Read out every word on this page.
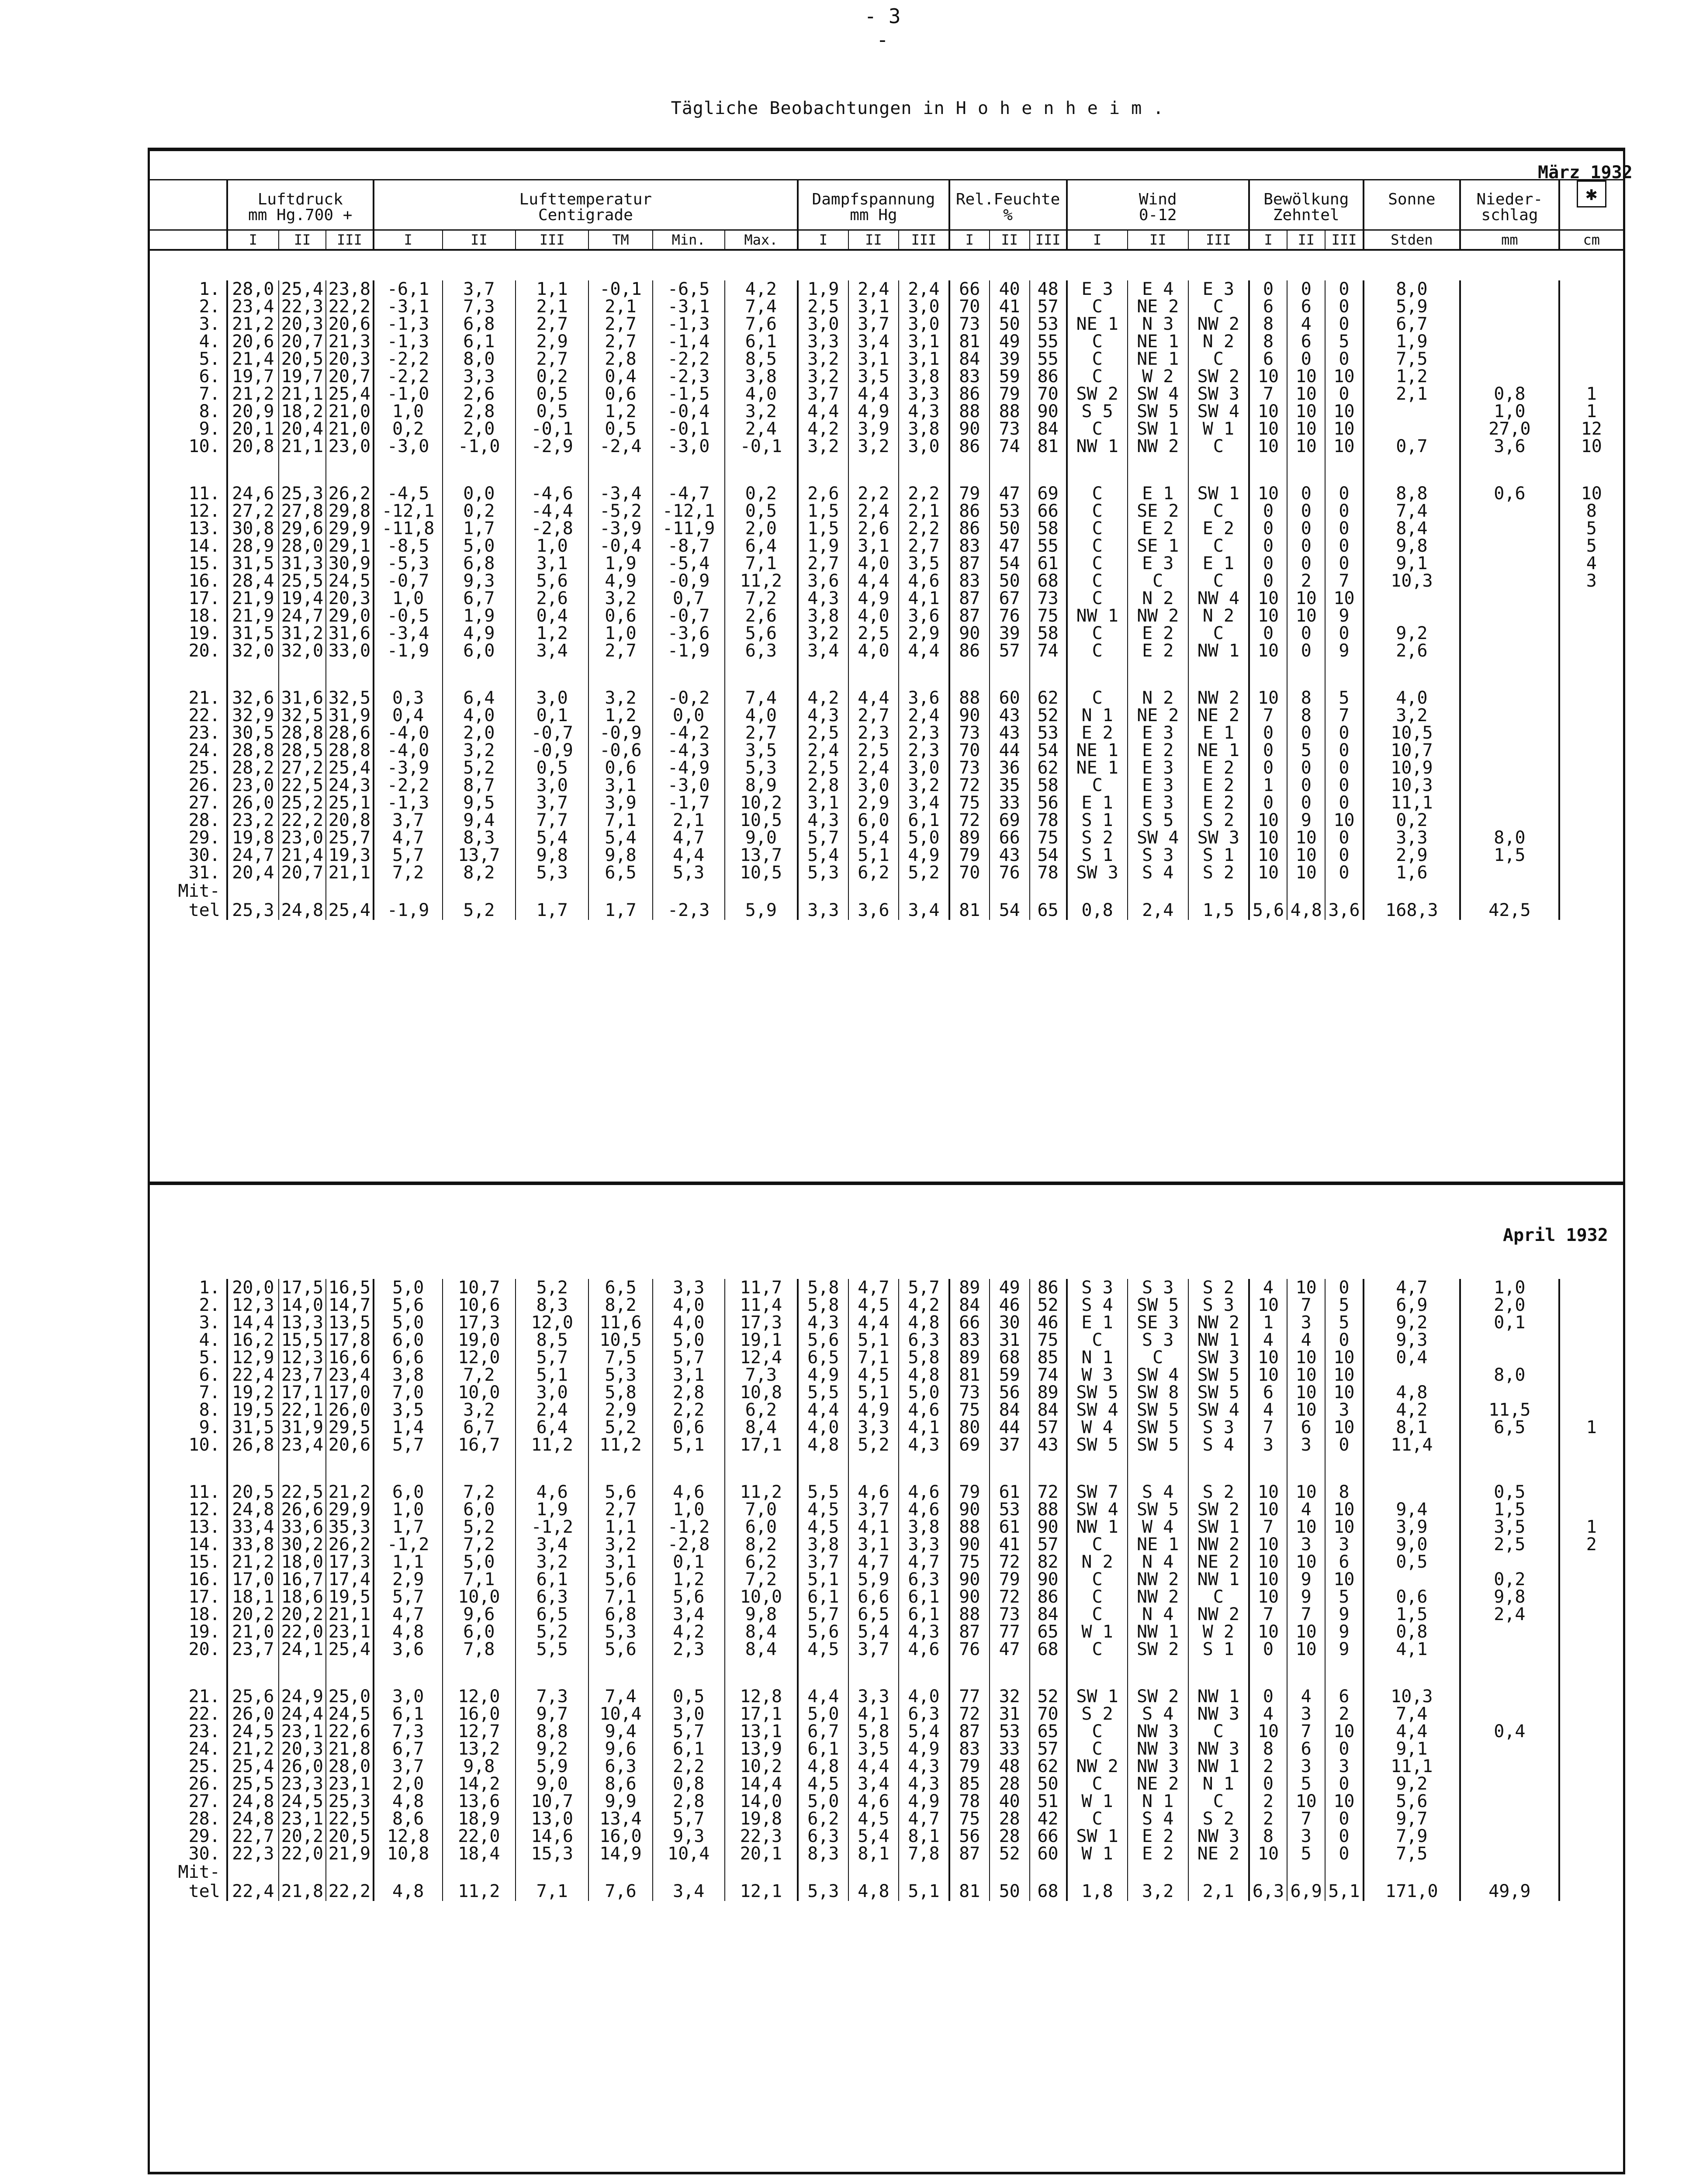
- 3 -
Tägliche Beobachtungen in H o h e n h e i m .
März 1932
April 1932
	Luftdruck			Lufttemperatur						Dampfspannung			Rel.Feuchte			Wind			Bewölkung			Sonne	Nieder-	✱
	mm Hg.700 +			Centigrade						mm Hg			%			0-12			Zehntel				schlag	
	I	II	III	I	II	III	TM	Min.	Max.	I	II	III	I	II	III	I	II	III	I	II	III	Stden	mm	cm

1.	28,0	25,4	23,8	-6,1	3,7	1,1	-0,1	-6,5	4,2	1,9	2,4	2,4	66	40	48	E 3	E 4	E 3	0	0	0	8,0		
2.	23,4	22,3	22,2	-3,1	7,3	2,1	2,1	-3,1	7,4	2,5	3,1	3,0	70	41	57	C	NE 2	C	6	6	0	5,9		
3.	21,2	20,3	20,6	-1,3	6,8	2,7	2,7	-1,3	7,6	3,0	3,7	3,0	73	50	53	NE 1	N 3	NW 2	8	4	0	6,7		
4.	20,6	20,7	21,3	-1,3	6,1	2,9	2,7	-1,4	6,1	3,3	3,4	3,1	81	49	55	C	NE 1	N 2	8	6	5	1,9		
5.	21,4	20,5	20,3	-2,2	8,0	2,7	2,8	-2,2	8,5	3,2	3,1	3,1	84	39	55	C	NE 1	C	6	0	0	7,5		
6.	19,7	19,7	20,7	-2,2	3,3	0,2	0,4	-2,3	3,8	3,2	3,5	3,8	83	59	86	C	W 2	SW 2	10	10	10	1,2		
7.	21,2	21,1	25,4	-1,0	2,6	0,5	0,6	-1,5	4,0	3,7	4,4	3,3	86	79	70	SW 2	SW 4	SW 3	7	10	0	2,1	0,8	1
8.	20,9	18,2	21,0	1,0	2,8	0,5	1,2	-0,4	3,2	4,4	4,9	4,3	88	88	90	S 5	SW 5	SW 4	10	10	10		1,0	1
9.	20,1	20,4	21,0	0,2	2,0	-0,1	0,5	-0,1	2,4	4,2	3,9	3,8	90	73	84	C	SW 1	W 1	10	10	10		27,0	12
10.	20,8	21,1	23,0	-3,0	-1,0	-2,9	-2,4	-3,0	-0,1	3,2	3,2	3,0	86	74	81	NW 1	NW 2	C	10	10	10	0,7	3,6	10

11.	24,6	25,3	26,2	-4,5	0,0	-4,6	-3,4	-4,7	0,2	2,6	2,2	2,2	79	47	69	C	E 1	SW 1	10	0	0	8,8	0,6	10
12.	27,2	27,8	29,8	-12,1	0,2	-4,4	-5,2	-12,1	0,5	1,5	2,4	2,1	86	53	66	C	SE 2	C	0	0	0	7,4		8
13.	30,8	29,6	29,9	-11,8	1,7	-2,8	-3,9	-11,9	2,0	1,5	2,6	2,2	86	50	58	C	E 2	E 2	0	0	0	8,4		5
14.	28,9	28,0	29,1	-8,5	5,0	1,0	-0,4	-8,7	6,4	1,9	3,1	2,7	83	47	55	C	SE 1	C	0	0	0	9,8		5
15.	31,5	31,3	30,9	-5,3	6,8	3,1	1,9	-5,4	7,1	2,7	4,0	3,5	87	54	61	C	E 3	E 1	0	0	0	9,1		4
16.	28,4	25,5	24,5	-0,7	9,3	5,6	4,9	-0,9	11,2	3,6	4,4	4,6	83	50	68	C	C	C	0	2	7	10,3		3
17.	21,9	19,4	20,3	1,0	6,7	2,6	3,2	0,7	7,2	4,3	4,9	4,1	87	67	73	C	N 2	NW 4	10	10	10			
18.	21,9	24,7	29,0	-0,5	1,9	0,4	0,6	-0,7	2,6	3,8	4,0	3,6	87	76	75	NW 1	NW 2	N 2	10	10	9			
19.	31,5	31,2	31,6	-3,4	4,9	1,2	1,0	-3,6	5,6	3,2	2,5	2,9	90	39	58	C	E 2	C	0	0	0	9,2		
20.	32,0	32,0	33,0	-1,9	6,0	3,4	2,7	-1,9	6,3	3,4	4,0	4,4	86	57	74	C	E 2	NW 1	10	0	9	2,6		

21.	32,6	31,6	32,5	0,3	6,4	3,0	3,2	-0,2	7,4	4,2	4,4	3,6	88	60	62	C	N 2	NW 2	10	8	5	4,0		
22.	32,9	32,5	31,9	0,4	4,0	0,1	1,2	0,0	4,0	4,3	2,7	2,4	90	43	52	N 1	NE 2	NE 2	7	8	7	3,2		
23.	30,5	28,8	28,6	-4,0	2,0	-0,7	-0,9	-4,2	2,7	2,5	2,3	2,3	73	43	53	E 2	E 3	E 1	0	0	0	10,5		
24.	28,8	28,5	28,8	-4,0	3,2	-0,9	-0,6	-4,3	3,5	2,4	2,5	2,3	70	44	54	NE 1	E 2	NE 1	0	5	0	10,7		
25.	28,2	27,2	25,4	-3,9	5,2	0,5	0,6	-4,9	5,3	2,5	2,4	3,0	73	36	62	NE 1	E 3	E 2	0	0	0	10,9		
26.	23,0	22,5	24,3	-2,2	8,7	3,0	3,1	-3,0	8,9	2,8	3,0	3,2	72	35	58	C	E 3	E 2	1	0	0	10,3		
27.	26,0	25,2	25,1	-1,3	9,5	3,7	3,9	-1,7	10,2	3,1	2,9	3,4	75	33	56	E 1	E 3	E 2	0	0	0	11,1		
28.	23,2	22,2	20,8	3,7	9,4	7,7	7,1	2,1	10,5	4,3	6,0	6,1	72	69	78	S 1	S 5	S 2	10	9	10	0,2		
29.	19,8	23,0	25,7	4,7	8,3	5,4	5,4	4,7	9,0	5,7	5,4	5,0	89	66	75	S 2	SW 4	SW 3	10	10	0	3,3	8,0	
30.	24,7	21,4	19,3	5,7	13,7	9,8	9,8	4,4	13,7	5,4	5,1	4,9	79	43	54	S 1	S 3	S 1	10	10	0	2,9	1,5	
31.	20,4	20,7	21,1	7,2	8,2	5,3	6,5	5,3	10,5	5,3	6,2	5,2	70	76	78	SW 3	S 4	S 2	10	10	0	1,6		
Mit-																								
tel	25,3	24,8	25,4	-1,9	5,2	1,7	1,7	-2,3	5,9	3,3	3,6	3,4	81	54	65	0,8	2,4	1,5	5,6	4,8	3,6	168,3	42,5	

1.	20,0	17,5	16,5	5,0	10,7	5,2	6,5	3,3	11,7	5,8	4,7	5,7	89	49	86	S 3	S 3	S 2	4	10	0	4,7	1,0	
2.	12,3	14,0	14,7	5,6	10,6	8,3	8,2	4,0	11,4	5,8	4,5	4,2	84	46	52	S 4	SW 5	S 3	10	7	5	6,9	2,0	
3.	14,4	13,3	13,5	5,0	17,3	12,0	11,6	4,0	17,3	4,3	4,4	4,8	66	30	46	E 1	SE 3	NW 2	1	3	5	9,2	0,1	
4.	16,2	15,5	17,8	6,0	19,0	8,5	10,5	5,0	19,1	5,6	5,1	6,3	83	31	75	C	S 3	NW 1	4	4	0	9,3		
5.	12,9	12,3	16,6	6,6	12,0	5,7	7,5	5,7	12,4	6,5	7,1	5,8	89	68	85	N 1	C	SW 3	10	10	10	0,4		
6.	22,4	23,7	23,4	3,8	7,2	5,1	5,3	3,1	7,3	4,9	4,5	4,8	81	59	74	W 3	SW 4	SW 5	10	10	10		8,0	
7.	19,2	17,1	17,0	7,0	10,0	3,0	5,8	2,8	10,8	5,5	5,1	5,0	73	56	89	SW 5	SW 8	SW 5	6	10	10	4,8		
8.	19,5	22,1	26,0	3,5	3,2	2,4	2,9	2,2	6,2	4,4	4,9	4,6	75	84	84	SW 4	SW 5	SW 4	4	10	3	4,2	11,5	
9.	31,5	31,9	29,5	1,4	6,7	6,4	5,2	0,6	8,4	4,0	3,3	4,1	80	44	57	W 4	SW 5	S 3	7	6	10	8,1	6,5	1
10.	26,8	23,4	20,6	5,7	16,7	11,2	11,2	5,1	17,1	4,8	5,2	4,3	69	37	43	SW 5	SW 5	S 4	3	3	0	11,4		

11.	20,5	22,5	21,2	6,0	7,2	4,6	5,6	4,6	11,2	5,5	4,6	4,6	79	61	72	SW 7	S 4	S 2	10	10	8		0,5	
12.	24,8	26,6	29,9	1,0	6,0	1,9	2,7	1,0	7,0	4,5	3,7	4,6	90	53	88	SW 4	SW 5	SW 2	10	4	10	9,4	1,5	
13.	33,4	33,6	35,3	1,7	5,2	-1,2	1,1	-1,2	6,0	4,5	4,1	3,8	88	61	90	NW 1	W 4	SW 1	7	10	10	3,9	3,5	1
14.	33,8	30,2	26,2	-1,2	7,2	3,4	3,2	-2,8	8,2	3,8	3,1	3,3	90	41	57	C	NE 1	NW 2	10	3	3	9,0	2,5	2
15.	21,2	18,0	17,3	1,1	5,0	3,2	3,1	0,1	6,2	3,7	4,7	4,7	75	72	82	N 2	N 4	NE 2	10	10	6	0,5		
16.	17,0	16,7	17,4	2,9	7,1	6,1	5,6	1,2	7,2	5,1	5,9	6,3	90	79	90	C	NW 2	NW 1	10	9	10		0,2	
17.	18,1	18,6	19,5	5,7	10,0	6,3	7,1	5,6	10,0	6,1	6,6	6,1	90	72	86	C	NW 2	C	10	9	5	0,6	9,8	
18.	20,2	20,2	21,1	4,7	9,6	6,5	6,8	3,4	9,8	5,7	6,5	6,1	88	73	84	C	N 4	NW 2	7	7	9	1,5	2,4	
19.	21,0	22,0	23,1	4,8	6,0	5,2	5,3	4,2	8,4	5,6	5,4	4,3	87	77	65	W 1	NW 1	W 2	10	10	9	0,8		
20.	23,7	24,1	25,4	3,6	7,8	5,5	5,6	2,3	8,4	4,5	3,7	4,6	76	47	68	C	SW 2	S 1	0	10	9	4,1		

21.	25,6	24,9	25,0	3,0	12,0	7,3	7,4	0,5	12,8	4,4	3,3	4,0	77	32	52	SW 1	SW 2	NW 1	0	4	6	10,3		
22.	26,0	24,4	24,5	6,1	16,0	9,7	10,4	3,0	17,1	5,0	4,1	6,3	72	31	70	S 2	S 4	NW 3	4	3	2	7,4		
23.	24,5	23,1	22,6	7,3	12,7	8,8	9,4	5,7	13,1	6,7	5,8	5,4	87	53	65	C	NW 3	C	10	7	10	4,4	0,4	
24.	21,2	20,3	21,8	6,7	13,2	9,2	9,6	6,1	13,9	6,1	3,5	4,9	83	33	57	C	NW 3	NW 3	8	6	0	9,1		
25.	25,4	26,0	28,0	3,7	9,8	5,9	6,3	2,2	10,2	4,8	4,4	4,3	79	48	62	NW 2	NW 3	NW 1	2	3	3	11,1		
26.	25,5	23,3	23,1	2,0	14,2	9,0	8,6	0,8	14,4	4,5	3,4	4,3	85	28	50	C	NE 2	N 1	0	5	0	9,2		
27.	24,8	24,5	25,3	4,8	13,6	10,7	9,9	2,8	14,0	5,0	4,6	4,9	78	40	51	W 1	N 1	C	2	10	10	5,6		
28.	24,8	23,1	22,5	8,6	18,9	13,0	13,4	5,7	19,8	6,2	4,5	4,7	75	28	42	C	S 4	S 2	2	7	0	9,7		
29.	22,7	20,2	20,5	12,8	22,0	14,6	16,0	9,3	22,3	6,3	5,4	8,1	56	28	66	SW 1	E 2	NW 3	8	3	0	7,9		
30.	22,3	22,0	21,9	10,8	18,4	15,3	14,9	10,4	20,1	8,3	8,1	7,8	87	52	60	W 1	E 2	NE 2	10	5	0	7,5		
Mit-																								
tel	22,4	21,8	22,2	4,8	11,2	7,1	7,6	3,4	12,1	5,3	4,8	5,1	81	50	68	1,8	3,2	2,1	6,3	6,9	5,1	171,0	49,9	
